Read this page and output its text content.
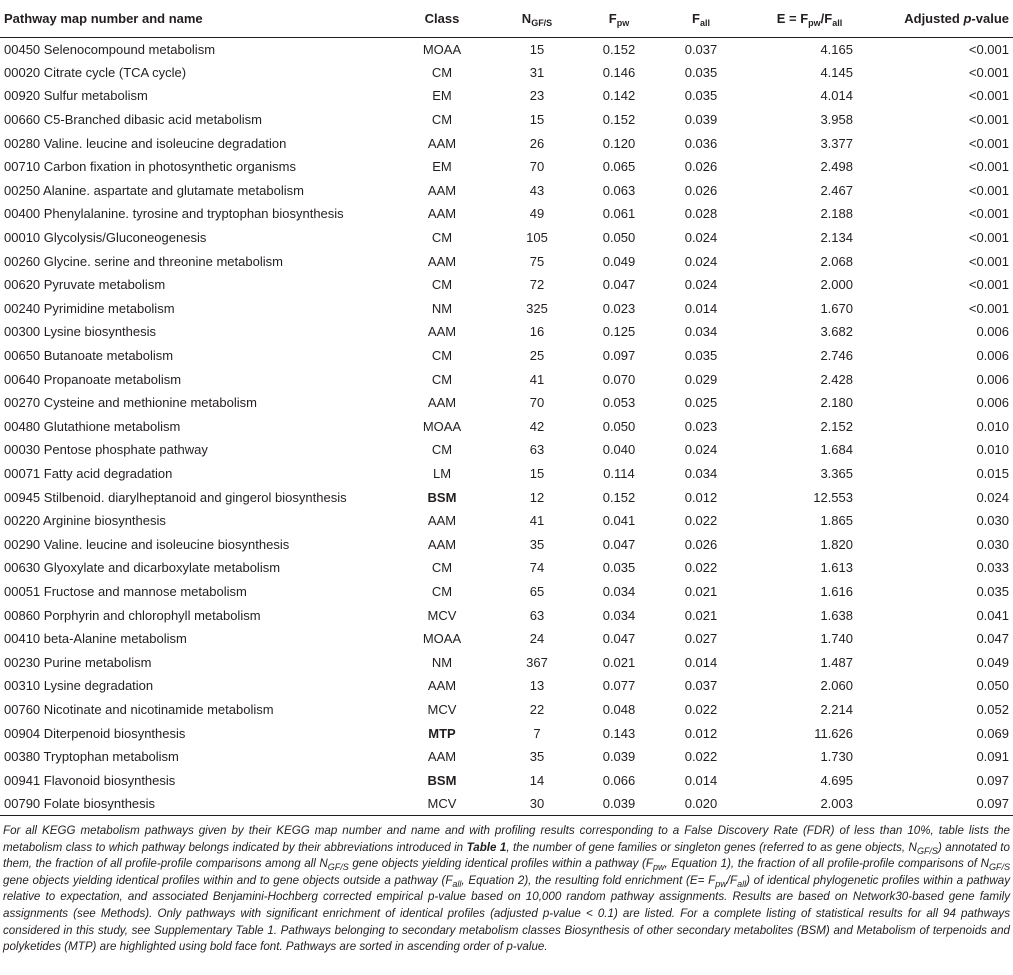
Pathway map number and name	Class	$N_{GF/S}$	$F_{pw}$	$F_{all}$	$E = F_{pw}/F_{all}$	Adjusted p-value
00450 Selenocompound metabolism	MOAA	15	0.152	0.037	4.165	<0.001
00020 Citrate cycle (TCA cycle)	CM	31	0.146	0.035	4.145	<0.001
00920 Sulfur metabolism	EM	23	0.142	0.035	4.014	<0.001
00660 C5-Branched dibasic acid metabolism	CM	15	0.152	0.039	3.958	<0.001
00280 Valine. leucine and isoleucine degradation	AAM	26	0.120	0.036	3.377	<0.001
00710 Carbon fixation in photosynthetic organisms	EM	70	0.065	0.026	2.498	<0.001
00250 Alanine. aspartate and glutamate metabolism	AAM	43	0.063	0.026	2.467	<0.001
00400 Phenylalanine. tyrosine and tryptophan biosynthesis	AAM	49	0.061	0.028	2.188	<0.001
00010 Glycolysis/Gluconeogenesis	CM	105	0.050	0.024	2.134	<0.001
00260 Glycine. serine and threonine metabolism	AAM	75	0.049	0.024	2.068	<0.001
00620 Pyruvate metabolism	CM	72	0.047	0.024	2.000	<0.001
00240 Pyrimidine metabolism	NM	325	0.023	0.014	1.670	<0.001
00300 Lysine biosynthesis	AAM	16	0.125	0.034	3.682	0.006
00650 Butanoate metabolism	CM	25	0.097	0.035	2.746	0.006
00640 Propanoate metabolism	CM	41	0.070	0.029	2.428	0.006
00270 Cysteine and methionine metabolism	AAM	70	0.053	0.025	2.180	0.006
00480 Glutathione metabolism	MOAA	42	0.050	0.023	2.152	0.010
00030 Pentose phosphate pathway	CM	63	0.040	0.024	1.684	0.010
00071 Fatty acid degradation	LM	15	0.114	0.034	3.365	0.015
00945 Stilbenoid. diarylheptanoid and gingerol biosynthesis	BSM	12	0.152	0.012	12.553	0.024
00220 Arginine biosynthesis	AAM	41	0.041	0.022	1.865	0.030
00290 Valine. leucine and isoleucine biosynthesis	AAM	35	0.047	0.026	1.820	0.030
00630 Glyoxylate and dicarboxylate metabolism	CM	74	0.035	0.022	1.613	0.033
00051 Fructose and mannose metabolism	CM	65	0.034	0.021	1.616	0.035
00860 Porphyrin and chlorophyll metabolism	MCV	63	0.034	0.021	1.638	0.041
00410 beta-Alanine metabolism	MOAA	24	0.047	0.027	1.740	0.047
00230 Purine metabolism	NM	367	0.021	0.014	1.487	0.049
00310 Lysine degradation	AAM	13	0.077	0.037	2.060	0.050
00760 Nicotinate and nicotinamide metabolism	MCV	22	0.048	0.022	2.214	0.052
00904 Diterpenoid biosynthesis	MTP	7	0.143	0.012	11.626	0.069
00380 Tryptophan metabolism	AAM	35	0.039	0.022	1.730	0.091
00941 Flavonoid biosynthesis	BSM	14	0.066	0.014	4.695	0.097
00790 Folate biosynthesis	MCV	30	0.039	0.020	2.003	0.097

For all KEGG metabolism pathways given by their KEGG map number and name and with profiling results corresponding to a False Discovery Rate (FDR) of less than 10%, table lists the metabolism class to which pathway belongs indicated by their abbreviations introduced in Table 1, the number of gene families or singleton genes (referred to as gene objects, $N_{GF/S}$) annotated to them, the fraction of all profile-profile comparisons among all $N_{GF/S}$ gene objects yielding identical profiles within a pathway ($F_{pw}$, Equation 1), the fraction of all profile-profile comparisons of $N_{GF/S}$ gene objects yielding identical profiles within and to gene objects outside a pathway ($F_{all}$, Equation 2), the resulting fold enrichment $(E= F_{pw}/F_{all})$ of identical phylogenetic profiles within a pathway relative to expectation, and associated Benjamini-Hochberg corrected empirical p-value based on 10,000 random pathway assignments. Results are based on Network30-based gene family assignments (see Methods). Only pathways with significant enrichment of identical profiles (adjusted p-value < 0.1) are listed. For a complete listing of statistical results for all 94 pathways considered in this study, see Supplementary Table 1. Pathways belonging to secondary metabolism classes Biosynthesis of other secondary metabolites (BSM) and Metabolism of terpenoids and polyketides (MTP) are highlighted using bold face font. Pathways are sorted in ascending order of p-value.
